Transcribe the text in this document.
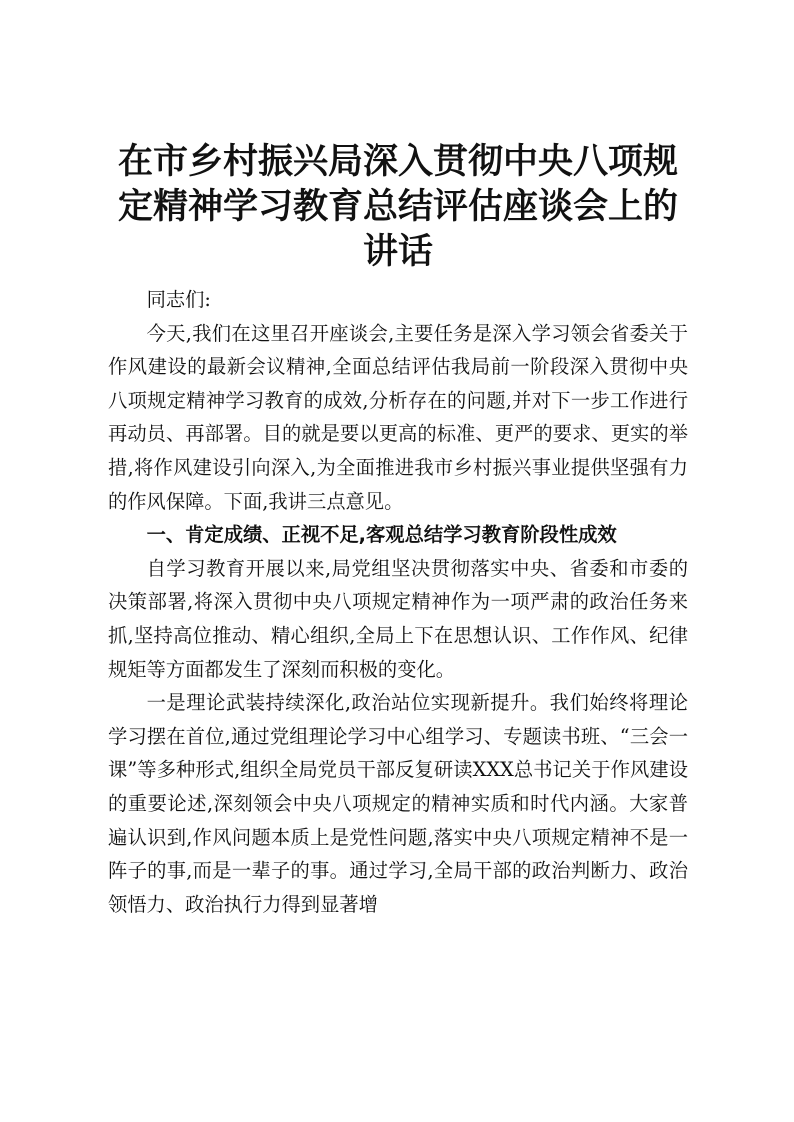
在市乡村振兴局深入贯彻中央八项规定精神学习教育总结评估座谈会上的讲话

同志们:

今天,我们在这里召开座谈会,主要任务是深入学习领会省委关于作风建设的最新会议精神,全面总结评估我局前一阶段深入贯彻中央八项规定精神学习教育的成效,分析存在的问题,并对下一步工作进行再动员、再部署。目的就是要以更高的标准、更严的要求、更实的举措,将作风建设引向深入,为全面推进我市乡村振兴事业提供坚强有力的作风保障。下面,我讲三点意见。

一、肯定成绩、正视不足,客观总结学习教育阶段性成效

自学习教育开展以来,局党组坚决贯彻落实中央、省委和市委的决策部署,将深入贯彻中央八项规定精神作为一项严肃的政治任务来抓,坚持高位推动、精心组织,全局上下在思想认识、工作作风、纪律规矩等方面都发生了深刻而积极的变化。

一是理论武装持续深化,政治站位实现新提升。我们始终将理论学习摆在首位,通过党组理论学习中心组学习、专题读书班、“三会一课”等多种形式,组织全局党员干部反复研读XXX总书记关于作风建设的重要论述,深刻领会中央八项规定的精神实质和时代内涵。大家普遍认识到,作风问题本质上是党性问题,落实中央八项规定精神不是一阵子的事,而是一辈子的事。通过学习,全局干部的政治判断力、政治领悟力、政治执行力得到显著增
